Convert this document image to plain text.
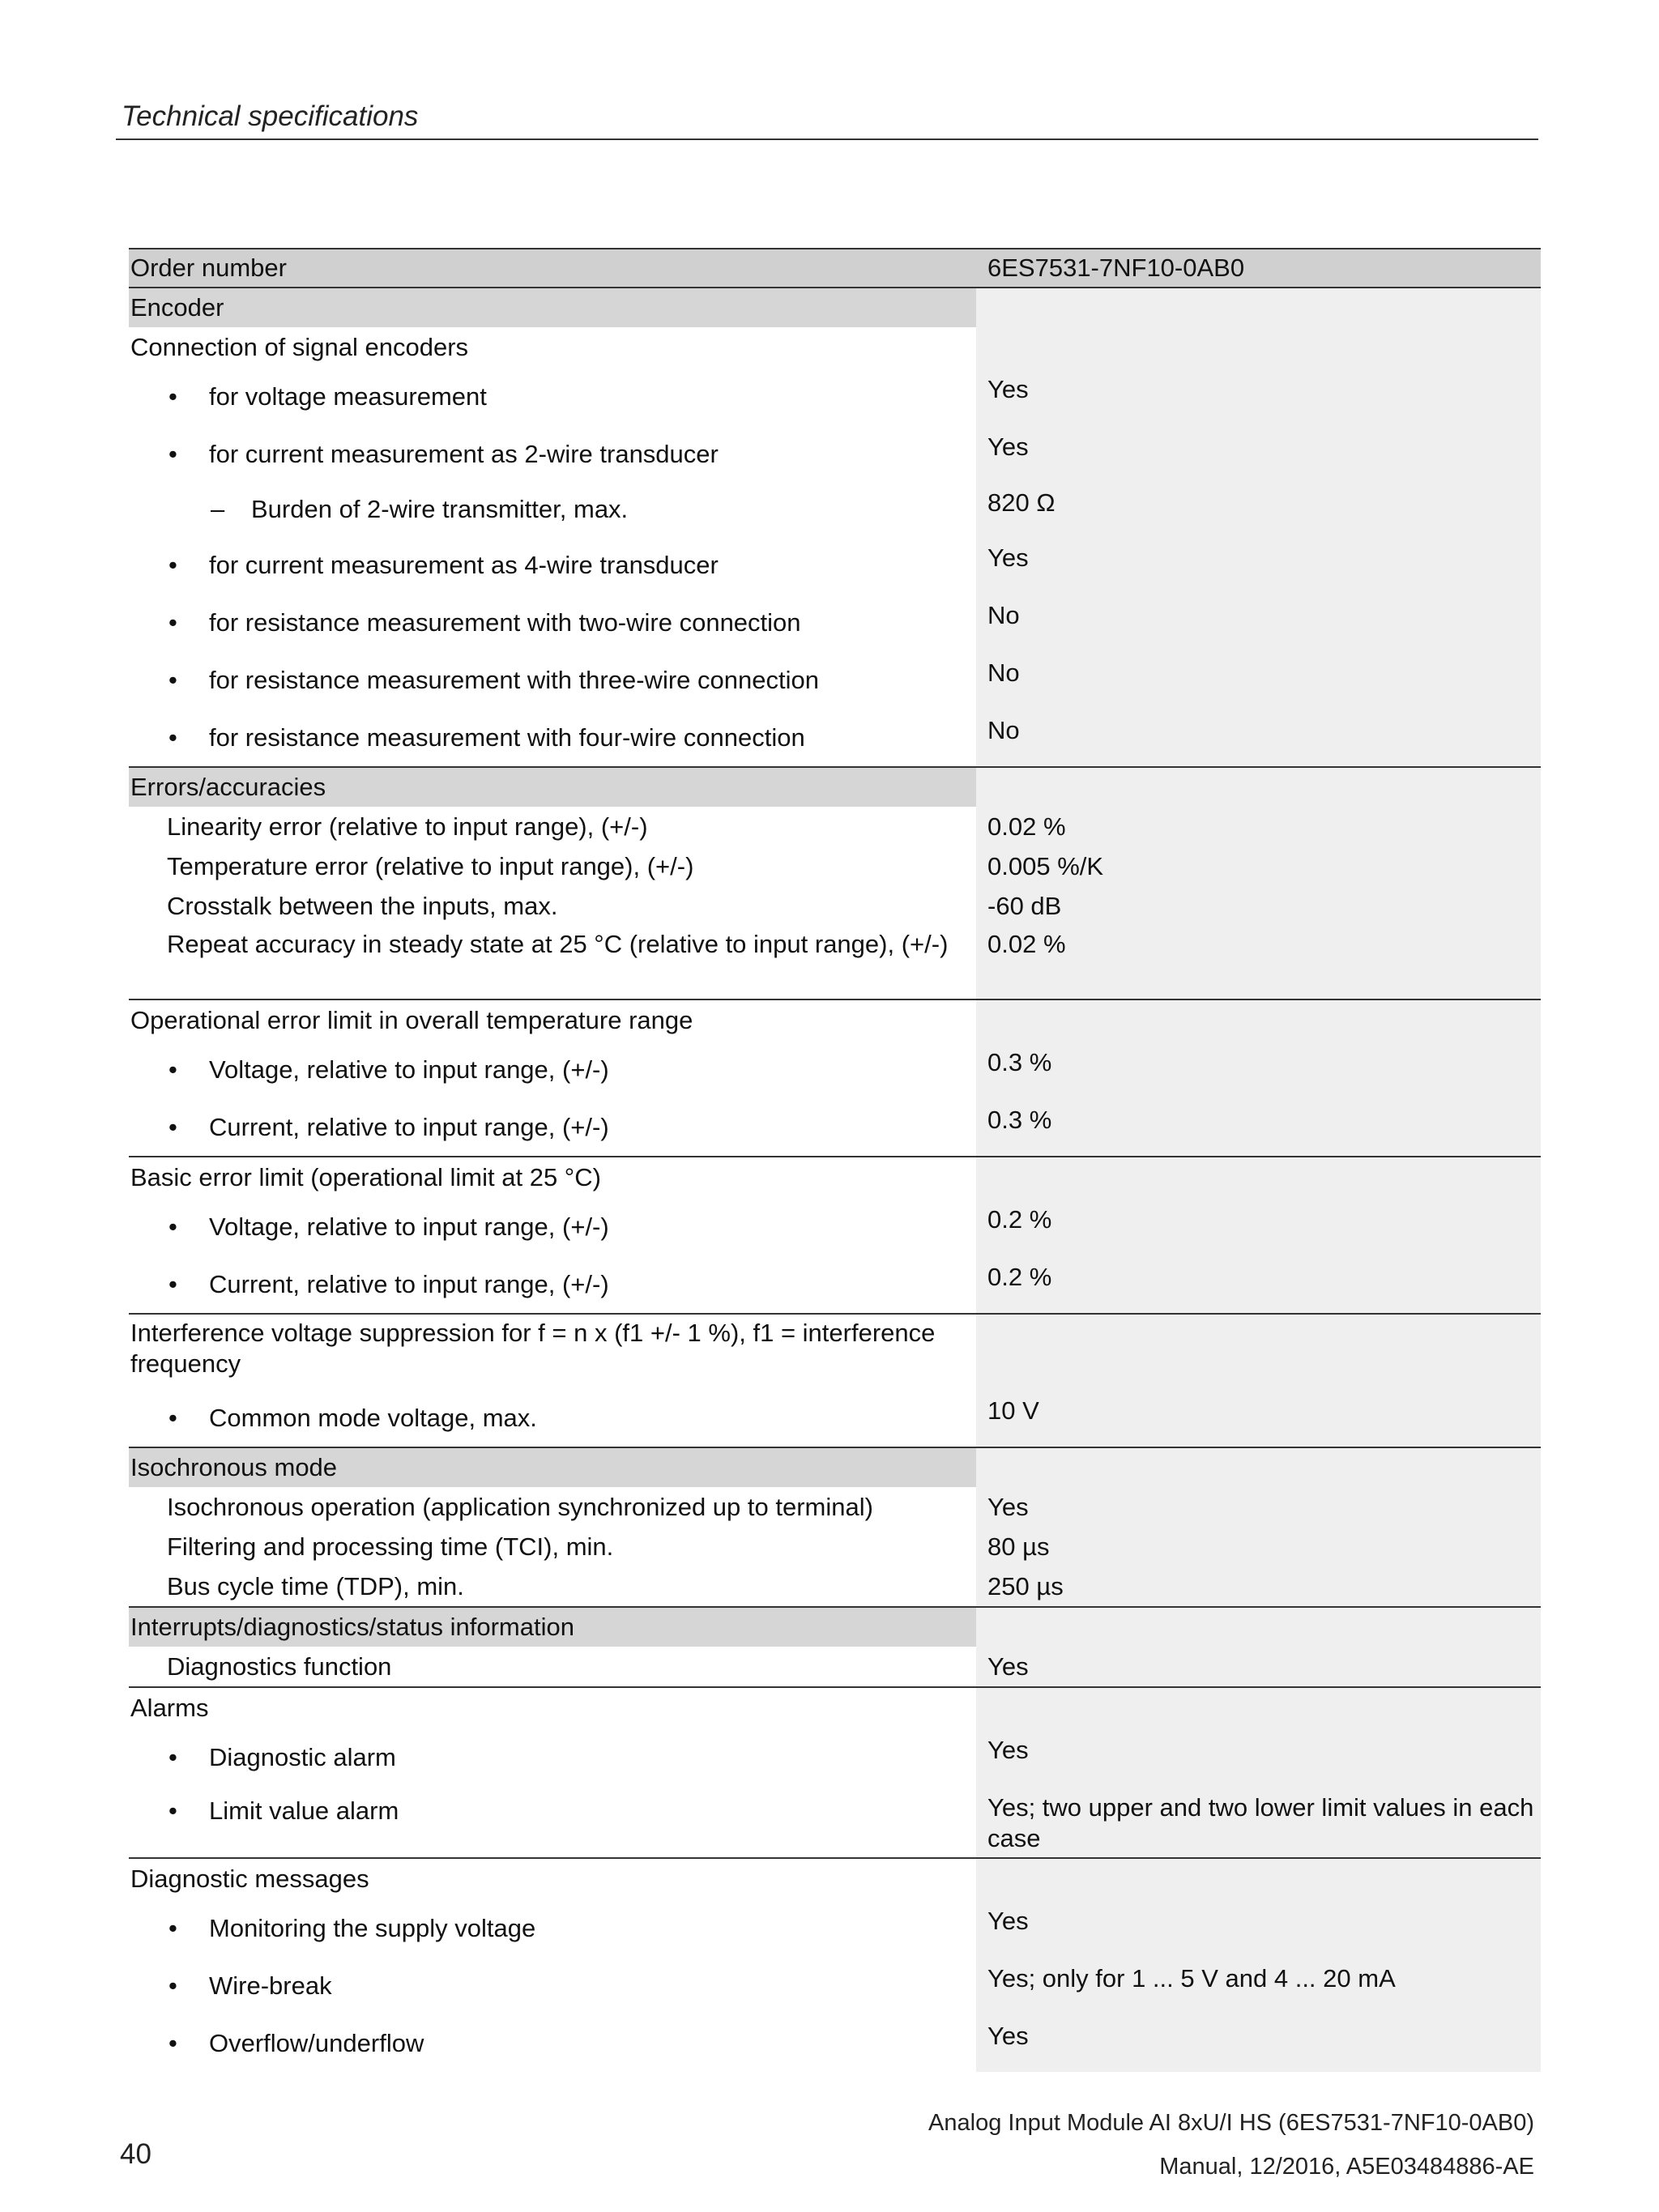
Technical specifications
Order number	6ES7531-7NF10-0AB0
Encoder	
Connection of signal encoders	
• for voltage measurement	Yes
• for current measurement as 2-wire transducer	Yes
– Burden of 2-wire transmitter, max.	820 Ω
• for current measurement as 4-wire transducer	Yes
• for resistance measurement with two-wire connection	No
• for resistance measurement with three-wire connection	No
• for resistance measurement with four-wire connection	No
Errors/accuracies	
Linearity error (relative to input range), (+/-)	0.02 %
Temperature error (relative to input range), (+/-)	0.005 %/K
Crosstalk between the inputs, max.	-60 dB
Repeat accuracy in steady state at 25 °C (relative to input range), (+/-)	0.02 %
Operational error limit in overall temperature range	
• Voltage, relative to input range, (+/-)	0.3 %
• Current, relative to input range, (+/-)	0.3 %
Basic error limit (operational limit at 25 °C)	
• Voltage, relative to input range, (+/-)	0.2 %
• Current, relative to input range, (+/-)	0.2 %
Interference voltage suppression for f = n x (f1 +/- 1 %), f1 = interference frequency	
• Common mode voltage, max.	10 V
Isochronous mode	
Isochronous operation (application synchronized up to terminal)	Yes
Filtering and processing time (TCI), min.	80 µs
Bus cycle time (TDP), min.	250 µs
Interrupts/diagnostics/status information	
Diagnostics function	Yes
Alarms	
• Diagnostic alarm	Yes
• Limit value alarm	Yes; two upper and two lower limit values in each case
Diagnostic messages	
• Monitoring the supply voltage	Yes
• Wire-break	Yes; only for 1 ... 5 V and 4 ... 20 mA
• Overflow/underflow	Yes
Analog Input Module AI 8xU/I HS (6ES7531-7NF10-0AB0)
Manual, 12/2016, A5E03484886-AE
40
